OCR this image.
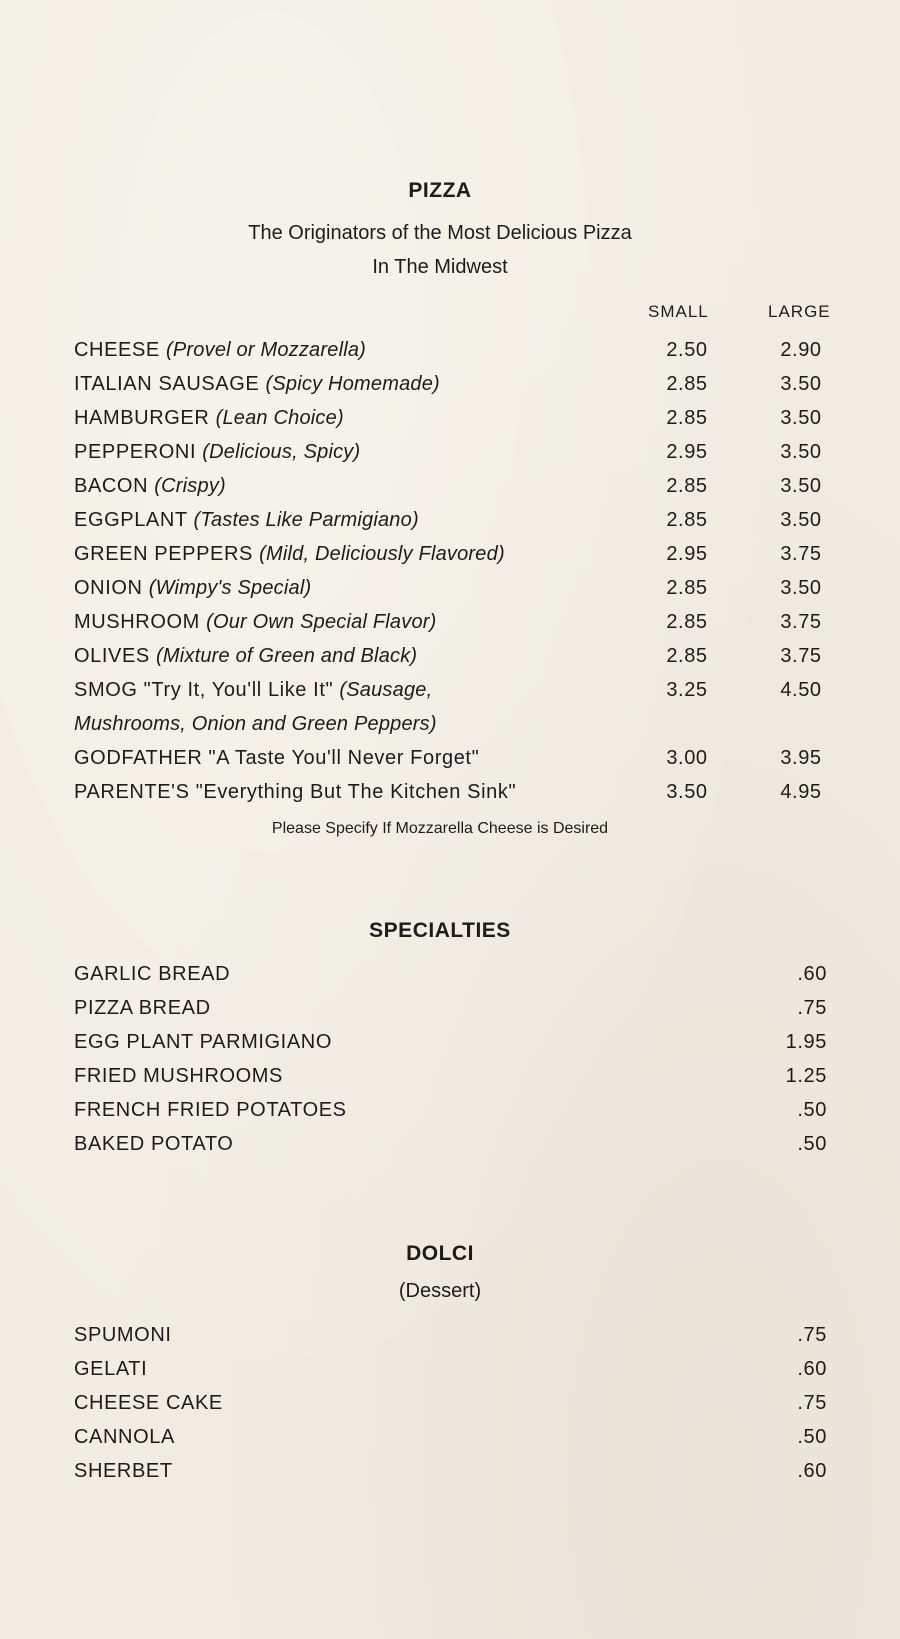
PIZZA
The Originators of the Most Delicious Pizza
In The Midwest
SMALL	LARGE
CHEESE (Provel or Mozzarella)	2.50	2.90
ITALIAN SAUSAGE (Spicy Homemade)	2.85	3.50
HAMBURGER (Lean Choice)	2.85	3.50
PEPPERONI (Delicious, Spicy)	2.95	3.50
BACON (Crispy)	2.85	3.50
EGGPLANT (Tastes Like Parmigiano)	2.85	3.50
GREEN PEPPERS (Mild, Deliciously Flavored)	2.95	3.75
ONION (Wimpy's Special)	2.85	3.50
MUSHROOM (Our Own Special Flavor)	2.85	3.75
OLIVES (Mixture of Green and Black)	2.85	3.75
SMOG "Try It, You'll Like It" (Sausage,	3.25	4.50
Mushrooms, Onion and Green Peppers)
GODFATHER "A Taste You'll Never Forget"	3.00	3.95
PARENTE'S "Everything But The Kitchen Sink"	3.50	4.95
Please Specify If Mozzarella Cheese is Desired
SPECIALTIES
GARLIC BREAD	.60
PIZZA BREAD	.75
EGG PLANT PARMIGIANO	1.95
FRIED MUSHROOMS	1.25
FRENCH FRIED POTATOES	.50
BAKED POTATO	.50
DOLCI
(Dessert)
SPUMONI	.75
GELATI	.60
CHEESE CAKE	.75
CANNOLA	.50
SHERBET	.60
